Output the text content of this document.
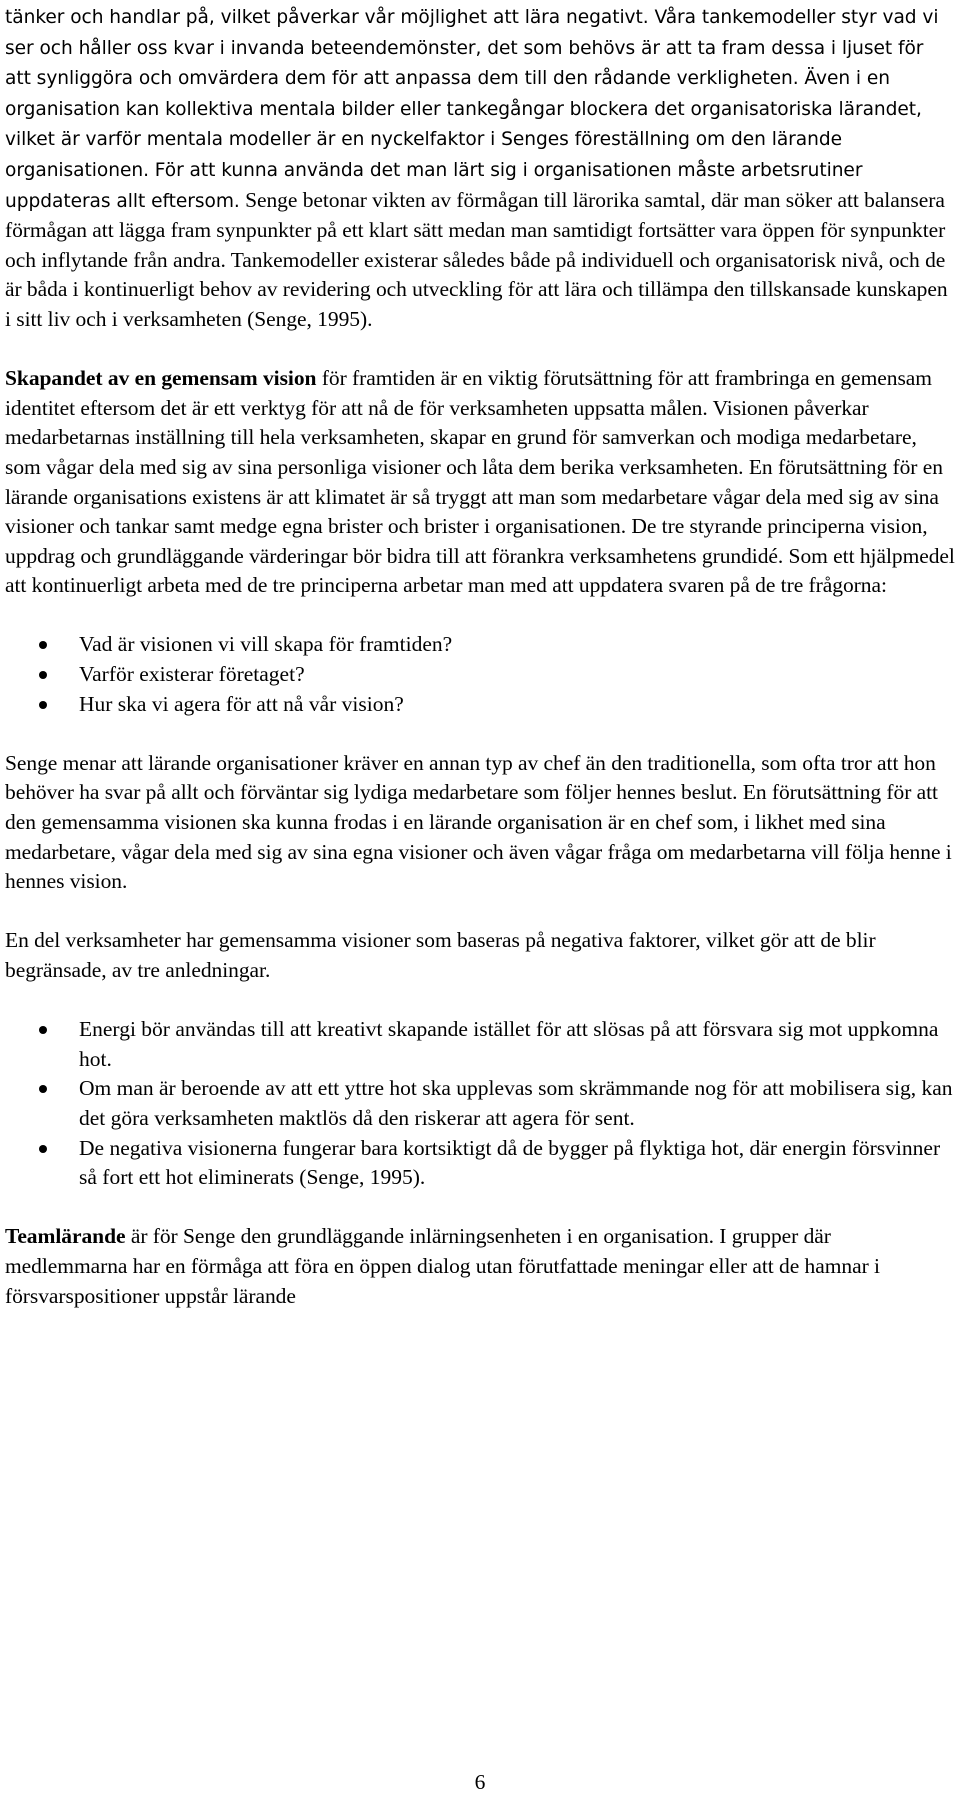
tänker och handlar på, vilket påverkar vår möjlighet att lära negativt. Våra tankemodeller styr vad vi ser och håller oss kvar i invanda beteendemönster, det som behövs är att ta fram dessa i ljuset för att synliggöra och omvärdera dem för att anpassa dem till den rådande verkligheten. Även i en organisation kan kollektiva mentala bilder eller tankegångar blockera det organisatoriska lärandet, vilket är varför mentala modeller är en nyckelfaktor i Senges föreställning om den lärande organisationen. För att kunna använda det man lärt sig i organisationen måste arbetsrutiner uppdateras allt eftersom. Senge betonar vikten av förmågan till lärorika samtal, där man söker att balansera förmågan att lägga fram synpunkter på ett klart sätt medan man samtidigt fortsätter vara öppen för synpunkter och inflytande från andra. Tankemodeller existerar således både på individuell och organisatorisk nivå, och de är båda i kontinuerligt behov av revidering och utveckling för att lära och tillämpa den tillskansade kunskapen i sitt liv och i verksamheten (Senge, 1995).

Skapandet av en gemensam vision för framtiden är en viktig förutsättning för att frambringa en gemensam identitet eftersom det är ett verktyg för att nå de för verksamheten uppsatta målen. Visionen påverkar medarbetarnas inställning till hela verksamheten, skapar en grund för samverkan och modiga medarbetare, som vågar dela med sig av sina personliga visioner och låta dem berika verksamheten. En förutsättning för en lärande organisations existens är att klimatet är så tryggt att man som medarbetare vågar dela med sig av sina visioner och tankar samt medge egna brister och brister i organisationen. De tre styrande principerna vision, uppdrag och grundläggande värderingar bör bidra till att förankra verksamhetens grundidé. Som ett hjälpmedel att kontinuerligt arbeta med de tre principerna arbetar man med att uppdatera svaren på de tre frågorna:

Vad är visionen vi vill skapa för framtiden?
Varför existerar företaget?
Hur ska vi agera för att nå vår vision?

Senge menar att lärande organisationer kräver en annan typ av chef än den traditionella, som ofta tror att hon behöver ha svar på allt och förväntar sig lydiga medarbetare som följer hennes beslut. En förutsättning för att den gemensamma visionen ska kunna frodas i en lärande organisation är en chef som, i likhet med sina medarbetare, vågar dela med sig av sina egna visioner och även vågar fråga om medarbetarna vill följa henne i hennes vision.

En del verksamheter har gemensamma visioner som baseras på negativa faktorer, vilket gör att de blir begränsade, av tre anledningar.

Energi bör användas till att kreativt skapande istället för att slösas på att försvara sig mot uppkomna hot.
Om man är beroende av att ett yttre hot ska upplevas som skrämmande nog för att mobilisera sig, kan det göra verksamheten maktlös då den riskerar att agera för sent.
De negativa visionerna fungerar bara kortsiktigt då de bygger på flyktiga hot, där energin försvinner så fort ett hot eliminerats (Senge, 1995).

Teamlärande är för Senge den grundläggande inlärningsenheten i en organisation. I grupper där medlemmarna har en förmåga att föra en öppen dialog utan förutfattade meningar eller att de hamnar i försvarspositioner uppstår lärande

6
